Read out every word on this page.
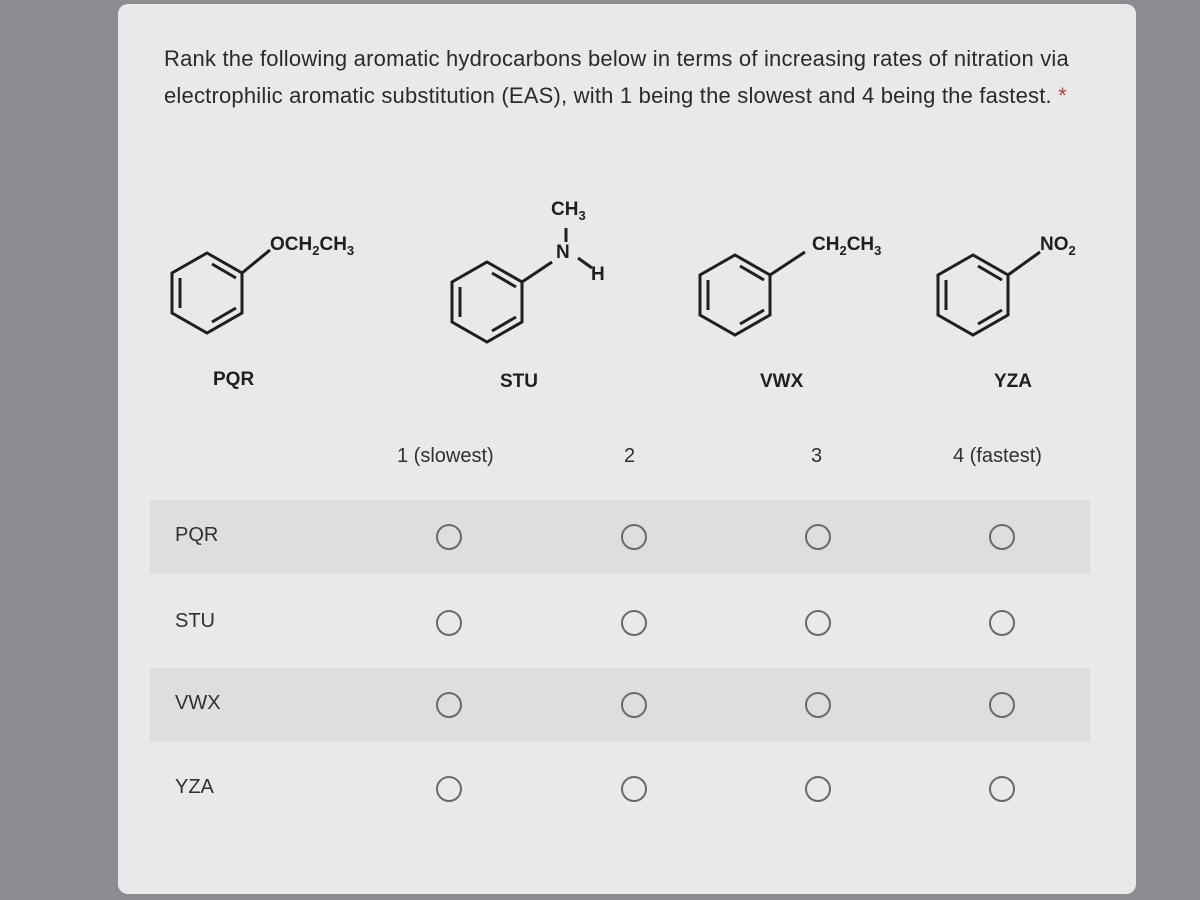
Rank the following aromatic hydrocarbons below in terms of increasing rates of nitration via electrophilic aromatic substitution (EAS), with 1 being the slowest and 4 being the fastest. *
$OCH_2CH_3$
$CH_3$
N
H
$CH_2CH_3$	$NO_2$
PQR	STU	VWX	YZA
1 (slowest)	2	3	4 (fastest)
PQR
STU
VWX
YZA
